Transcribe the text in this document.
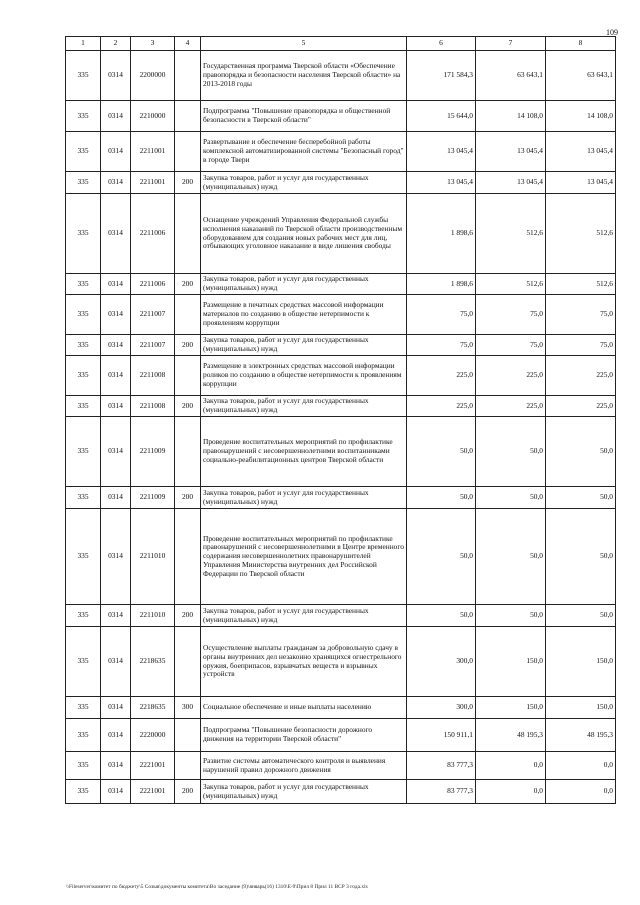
109
1	2	3	4	5	6	7	8
335	0314	2200000		Государственная программа Тверской области «Обеспечение правопорядка и безопасности населения Тверской области» на 2013-2018 годы	171 584,3	63 643,1	63 643,1
335	0314	2210000		Подпрограмма "Повышение правопорядка и общественной безопасности в Тверской области"	15 644,0	14 108,0	14 108,0
335	0314	2211001		Развертывание и обеспечение бесперебойной работы комплексной автоматизированной системы "Безопасный город" в городе Твери	13 045,4	13 045,4	13 045,4
335	0314	2211001	200	Закупка товаров, работ и услуг для государственных (муниципальных) нужд	13 045,4	13 045,4	13 045,4
335	0314	2211006		Оснащение учреждений Управления Федеральной службы исполнения наказаний по Тверской области производственным оборудованием для создания новых рабочих мест для лиц, отбывающих уголовное наказание в виде лишения свободы	1 898,6	512,6	512,6
335	0314	2211006	200	Закупка товаров, работ и услуг для государственных (муниципальных) нужд	1 898,6	512,6	512,6
335	0314	2211007		Размещение в печатных средствах массовой информации материалов по созданию в обществе нетерпимости к проявлениям коррупции	75,0	75,0	75,0
335	0314	2211007	200	Закупка товаров, работ и услуг для государственных (муниципальных) нужд	75,0	75,0	75,0
335	0314	2211008		Размещение в электронных средствах массовой информации роликов по созданию в обществе нетерпимости к проявлениям коррупции	225,0	225,0	225,0
335	0314	2211008	200	Закупка товаров, работ и услуг для государственных (муниципальных) нужд	225,0	225,0	225,0
335	0314	2211009		Проведение воспитательных мероприятий по профилактике правонарушений с несовершеннолетними воспитанниками социально-реабилитационных центров Тверской области	50,0	50,0	50,0
335	0314	2211009	200	Закупка товаров, работ и услуг для государственных (муниципальных) нужд	50,0	50,0	50,0
335	0314	2211010		Проведение воспитательных мероприятий по профилактике правонарушений с несовершеннолетними в Центре временного содержания несовершеннолетних правонарушителей Управления Министерства внутренних дел Российской Федерации по Тверской области	50,0	50,0	50,0
335	0314	2211010	200	Закупка товаров, работ и услуг для государственных (муниципальных) нужд	50,0	50,0	50,0
335	0314	2218635		Осуществление выплаты гражданам за добровольную сдачу в органы внутренних дел незаконно хранящихся огнестрельного оружия, боеприпасов, взрывчатых веществ и взрывных устройств	300,0	150,0	150,0
335	0314	2218635	300	Социальное обеспечение и иные выплаты населению	300,0	150,0	150,0
335	0314	2220000		Подпрограмма "Повышение безопасности дорожного движения на территории Тверской области"	150 911,1	48 195,3	48 195,3
335	0314	2221001		Развитие системы автоматического контроля и выявления нарушений правил дорожного движения	83 777,3	0,0	0,0
335	0314	2221001	200	Закупка товаров, работ и услуг для государственных (муниципальных) нужд	83 777,3	0,0	0,0
\\Fileserver\комитет по бюджету\5 Созыв\документы комитета\Во заседание (9)\январь(16) 1310\Е-9\Прил 8 Прил 11 ВСР 3 года.xls
